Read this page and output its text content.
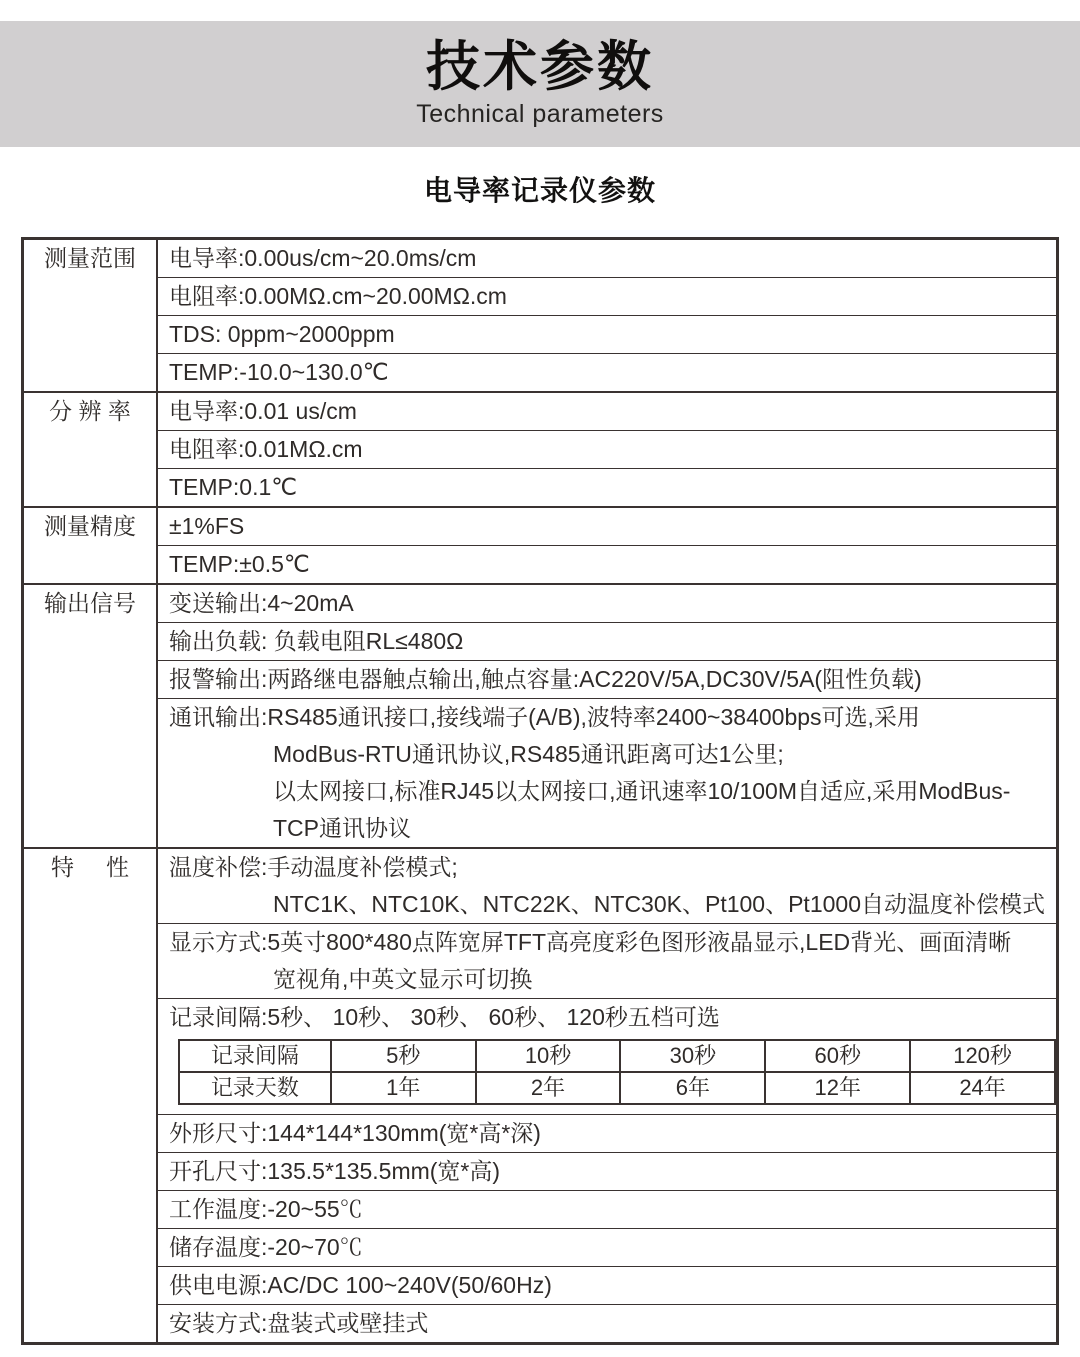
技术参数
Technical parameters
电导率记录仪参数
测量范围 电导率:0.00us/cm~20.0ms/cm
电阻率:0.00MΩ.cm~20.00MΩ.cm
TDS: 0ppm~2000ppm
TEMP:-10.0~130.0℃
分 辨 率 电导率:0.01 us/cm
电阻率:0.01MΩ.cm
TEMP:0.1℃
测量精度 ±1%FS
TEMP:±0.5℃
输出信号 变送输出:4~20mA
输出负载: 负载电阻RL≤480Ω
报警输出:两路继电器触点输出,触点容量:AC220V/5A,DC30V/5A(阻性负载)
通讯输出:RS485通讯接口,接线端子(A/B),波特率2400~38400bps可选,采用
ModBus-RTU通讯协议,RS485通讯距离可达1公里;
以太网接口,标准RJ45以太网接口,通讯速率10/100M自适应,采用ModBus-
TCP通讯协议
特     性 温度补偿:手动温度补偿模式;
NTC1K、NTC10K、NTC22K、NTC30K、Pt100、Pt1000自动温度补偿模式
显示方式:5英寸800*480点阵宽屏TFT高亮度彩色图形液晶显示,LED背光、画面清晰
宽视角,中英文显示可切换
记录间隔:5秒、 10秒、 30秒、 60秒、 120秒五档可选
记录间隔	5秒	10秒	30秒	60秒	120秒
记录天数	1年	2年	6年	12年	24年
外形尺寸:144*144*130mm(宽*高*深)
开孔尺寸:135.5*135.5mm(宽*高)
工作温度:-20~55℃
储存温度:-20~70℃
供电电源:AC/DC 100~240V(50/60Hz)
安装方式:盘装式或壁挂式
